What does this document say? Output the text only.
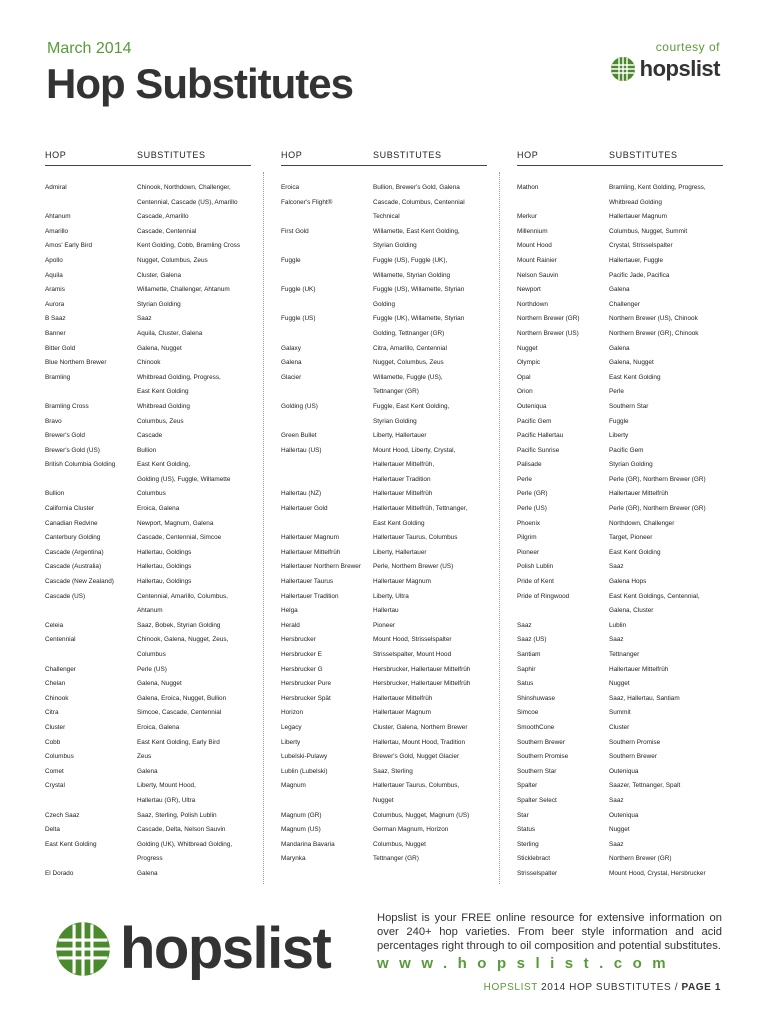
March 2014
Hop Substitutes
courtesy of
hopslist
HOP	SUBSTITUTES
Admiral	Chinook, Northdown, Challenger,
Centennial, Cascade (US), Amarillo
Ahtanum	Cascade, Amarillo
Amarillo	Cascade, Centennial
Amos' Early Bird	Kent Golding, Cobb, Bramling Cross
Apollo	Nugget, Columbus, Zeus
Aquila	Cluster, Galena
Aramis	Willamette, Challenger, Ahtanum
Aurora	Styrian Golding
B Saaz	Saaz
Banner	Aquila, Cluster, Galena
Bitter Gold	Galena, Nugget
Blue Northern Brewer	Chinook
Bramling	Whitbread Golding, Progress,
East Kent Golding
Bramling Cross	Whitbread Golding
Bravo	Columbus, Zeus
Brewer's Gold	Cascade
Brewer's Gold (US)	Bullion
British Columbia Golding	East Kent Golding,
Golding (US), Fuggle, Willamette
Bullion	Columbus
California Cluster	Eroica, Galena
Canadian Redvine	Newport, Magnum, Galena
Canterbury Golding	Cascade, Centennial, Simcoe
Cascade (Argentina)	Hallertau, Goldings
Cascade (Australia)	Hallertau, Goldings
Cascade (New Zealand)	Hallertau, Goldings
Cascade (US)	Centennial, Amarillo, Columbus,
Ahtanum
Celeia	Saaz, Bobek, Styrian Golding
Centennial	Chinook, Galena, Nugget, Zeus,
Columbus
Challenger	Perle (US)
Chelan	Galena, Nugget
Chinook	Galena, Eroica, Nugget, Bullion
Citra	Simcoe, Cascade, Centennial
Cluster	Eroica, Galena
Cobb	East Kent Golding, Early Bird
Columbus	Zeus
Comet	Galena
Crystal	Liberty, Mount Hood,
Hallertau (GR), Ultra
Czech Saaz	Saaz, Sterling, Polish Lublin
Delta	Cascade, Delta, Nelson Sauvin
East Kent Golding	Golding (UK), Whitbread Golding,
Progress
El Dorado	Galena
HOP	SUBSTITUTES
Eroica	Bullion, Brewer's Gold, Galena
Falconer's Flight®	Cascade, Columbus, Centennial
Technical
First Gold	Willamette, East Kent Golding,
Styrian Golding
Fuggle	Fuggle (US), Fuggle (UK),
Willamette, Styrian Golding
Fuggle (UK)	Fuggle (US), Willamette, Styrian
Golding
Fuggle (US)	Fuggle (UK), Willamette, Styrian
Golding, Tettnanger (GR)
Galaxy	Citra, Amarillo, Centennial
Galena	Nugget, Columbus, Zeus
Glacier	Willamette, Fuggle (US),
Tettnanger (GR)
Golding (US)	Fuggle, East Kent Golding,
Styrian Golding
Green Bullet	Liberty, Hallertauer
Hallertau (US)	Mount Hood, Liberty, Crystal,
Hallertauer Mittelfrüh,
Hallertauer Tradition
Hallertau (NZ)	Hallertauer Mittelfrüh
Hallertauer Gold	Hallertauer Mittelfrüh, Tettnanger,
East Kent Golding
Hallertauer Magnum	Hallertauer Taurus, Columbus
Hallertauer Mittelfrüh	Liberty, Hallertauer
Hallertauer Northern Brewer	Perle, Northern Brewer (US)
Hallertauer Taurus	Hallertauer Magnum
Hallertauer Tradition	Liberty, Ultra
Helga	Hallertau
Herald	Pioneer
Hersbrucker	Mount Hood, Strisselspalter
Hersbrucker E	Strisselspalter, Mount Hood
Hersbrucker G	Hersbrucker, Hallertauer Mittelfrüh
Hersbrucker Pure	Hersbrucker, Hallertauer Mittelfrüh
Hersbrucker Spät	Hallertauer Mittelfrüh
Horizon	Hallertauer Magnum
Legacy	Cluster, Galena, Northern Brewer
Liberty	Hallertau, Mount Hood, Tradition
Lubelski-Pulawy	Brewer's Gold, Nugget Glacier
Lublin (Lubelski)	Saaz, Sterling
Magnum	Hallertauer Taurus, Columbus,
Nugget
Magnum (GR)	Columbus, Nugget, Magnum (US)
Magnum (US)	German Magnum, Horizon
Mandarina Bavaria	Columbus, Nugget
Marynka	Tettnanger (GR)
HOP	SUBSTITUTES
Mathon	Bramling, Kent Golding, Progress,
Whitbread Golding
Merkur	Hallertauer Magnum
Millennium	Columbus, Nugget, Summit
Mount Hood	Crystal, Strisselspalter
Mount Rainier	Hallertauer, Fuggle
Nelson Sauvin	Pacific Jade, Pacifica
Newport	Galena
Northdown	Challenger
Northern Brewer (GR)	Northern Brewer (US), Chinook
Northern Brewer (US)	Northern Brewer (GR), Chinook
Nugget	Galena
Olympic	Galena, Nugget
Opal	East Kent Golding
Orion	Perle
Outeniqua	Southern Star
Pacific Gem	Fuggle
Pacific Hallertau	Liberty
Pacific Sunrise	Pacific Gem
Palisade	Styrian Golding
Perle	Perle (GR), Northern Brewer (GR)
Perle (GR)	Hallertauer Mittelfrüh
Perle (US)	Perle (GR), Northern Brewer (GR)
Phoenix	Northdown, Challenger
Pilgrim	Target, Pioneer
Pioneer	East Kent Golding
Polish Lublin	Saaz
Pride of Kent	Galena Hops
Pride of Ringwood	East Kent Goldings, Centennial,
Galena, Cluster
Saaz	Lublin
Saaz (US)	Saaz
Santiam	Tettnanger
Saphir	Hallertauer Mittelfrüh
Satus	Nugget
Shinshuwase	Saaz, Hallertau, Santiam
Simcoe	Summit
SmoothCone	Cluster
Southern Brewer	Southern Promise
Southern Promise	Southern Brewer
Southern Star	Outeniqua
Spalter	Saazer, Tettnanger, Spalt
Spalter Select	Saaz
Star	Outeniqua
Status	Nugget
Sterling	Saaz
Sticklebract	Northern Brewer (GR)
Strisselspalter	Mount Hood, Crystal, Hersbrucker
hopslist	Hopslist is your FREE online resource for extensive information on over 240+ hop varieties. From beer style information and acid percentages right through to oil composition and potential substitutes.
www.hopslist.com
HOPSLIST 2014 HOP SUBSTITUTES / PAGE 1
